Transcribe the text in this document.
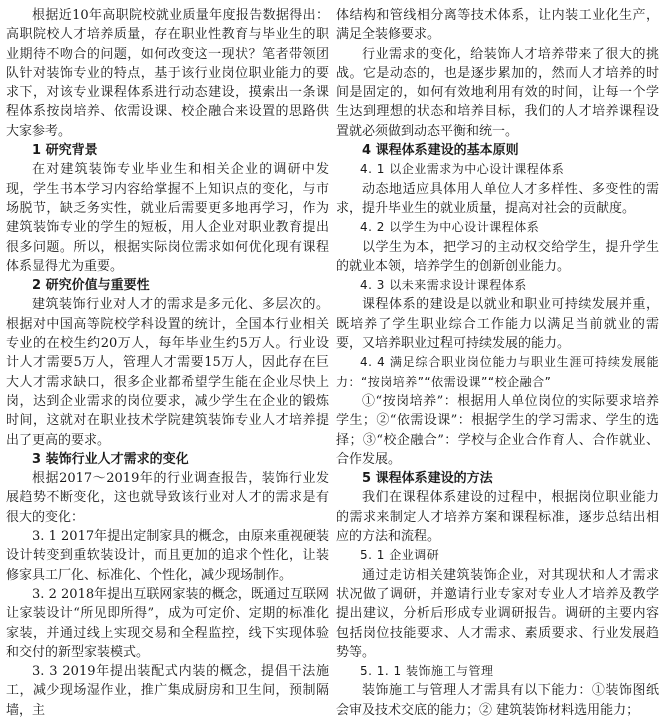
根据近10年高职院校就业质量年度报告数据得出：高职院校人才培养质量，存在职业性教育与毕业生的职业期待不吻合的问题，如何改变这一现状？笔者带领团队针对装饰专业的特点，基于该行业岗位职业能力的要求下，对该专业课程体系进行动态建设，摸索出一条课程体系按岗培养、依需设课、校企融合来设置的思路供大家参考。

1 研究背景

在对建筑装饰专业毕业生和相关企业的调研中发现，学生书本学习内容给掌握不上知识点的变化，与市场脱节，缺乏务实性，就业后需要更多地再学习，作为建筑装饰专业的学生的短板，用人企业对职业教育提出很多问题。所以，根据实际岗位需求如何优化现有课程体系显得尤为重要。

2 研究价值与重要性

建筑装饰行业对人才的需求是多元化、多层次的。根据对中国高等院校学科设置的统计，全国本行业相关专业的在校生约20万人，每年毕业生约5万人。行业设计人才需要5万人，管理人才需要15万人，因此存在巨大人才需求缺口，很多企业都希望学生能在企业尽快上岗，达到企业需求的岗位要求，减少学生在企业的锻炼时间，这就对在职业技术学院建筑装饰专业人才培养提出了更高的要求。

3 装饰行业人才需求的变化

根据2017～2019年的行业调查报告，装饰行业发展趋势不断变化，这也就导致该行业对人才的需求是有很大的变化：

3. 1 2017年提出定制家具的概念，由原来重视硬装设计转变到重软装设计，而且更加的追求个性化，让装修家具工厂化、标准化、个性化，减少现场制作。

3. 2 2018年提出互联网家装的概念，既通过互联网让家装设计“所见即所得”，成为可定价、定期的标准化家装，并通过线上实现交易和全程监控，线下实现体验和交付的新型家装模式。

3. 3 2019年提出装配式内装的概念，提倡干法施工，减少现场湿作业，推广集成厨房和卫生间，预制隔墙，主

体结构和管线相分离等技术体系，让内装工业化生产，满足全装修要求。

行业需求的变化，给装饰人才培养带来了很大的挑战。它是动态的，也是逐步累加的，然而人才培养的时间是固定的，如何有效地利用有效的时间，让每一个学生达到理想的状态和培养目标，我们的人才培养课程设置就必须做到动态平衡和统一。

4 课程体系建设的基本原则
4. 1 以企业需求为中心设计课程体系

动态地适应具体用人单位人才多样性、多变性的需求，提升毕业生的就业质量，提高对社会的贡献度。

4. 2 以学生为中心设计课程体系

以学生为本，把学习的主动权交给学生，提升学生的就业本领，培养学生的创新创业能力。

4. 3 以未来需求设计课程体系

课程体系的建设是以就业和职业可持续发展并重，既培养了学生职业综合工作能力以满足当前就业的需要，又培养职业过程可持续发展的能力。

4. 4 满足综合职业岗位能力与职业生涯可持续发展能力：“按岗培养”“依需设课”“校企融合”

①“按岗培养”：根据用人单位岗位的实际要求培养学生；②“依需设课”：根据学生的学习需求、学生的选择；③“校企融合”：学校与企业合作育人、合作就业、合作发展。

5 课程体系建设的方法

我们在课程体系建设的过程中，根据岗位职业能力的需求来制定人才培养方案和课程标准，逐步总结出相应的方法和流程。

5. 1 企业调研

通过走访相关建筑装饰企业，对其现状和人才需求状况做了调研，并邀请行业专家对专业人才培养及教学提出建议，分析后形成专业调研报告。调研的主要内容包括岗位技能要求、人才需求、素质要求、行业发展趋势等。

5. 1. 1 装饰施工与管理

装饰施工与管理人才需具有以下能力：①装饰图纸会审及技术交底的能力；② 建筑装饰材料选用能力；
